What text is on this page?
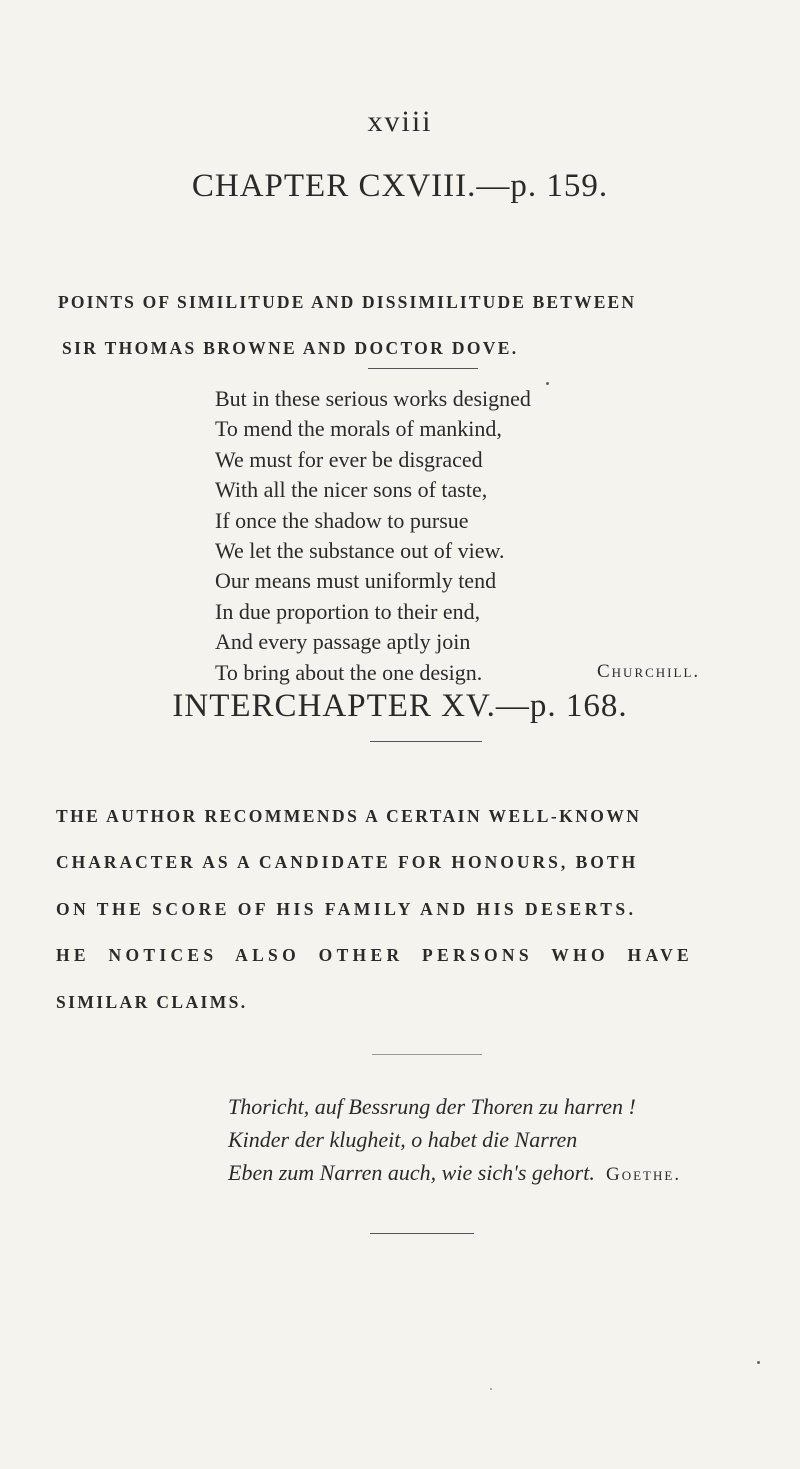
xviii
CHAPTER CXVIII.—p. 159.
POINTS OF SIMILITUDE AND DISSIMILITUDE BETWEEN
SIR THOMAS BROWNE AND DOCTOR DOVE.
But in these serious works designed
To mend the morals of mankind,
We must for ever be disgraced
With all the nicer sons of taste,
If once the shadow to pursue
We let the substance out of view.
Our means must uniformly tend
In due proportion to their end,
And every passage aptly join
To bring about the one design.	Churchill.
INTERCHAPTER XV.—p. 168.
THE AUTHOR RECOMMENDS A CERTAIN WELL-KNOWN
CHARACTER AS A CANDIDATE FOR HONOURS, BOTH
ON THE SCORE OF HIS FAMILY AND HIS DESERTS.
HE NOTICES ALSO OTHER PERSONS WHO HAVE
SIMILAR CLAIMS.
Thoricht, auf Bessrung der Thoren zu harren !
Kinder der klugheit, o habet die Narren
Eben zum Narren auch, wie sich's gehort. Goethe.
